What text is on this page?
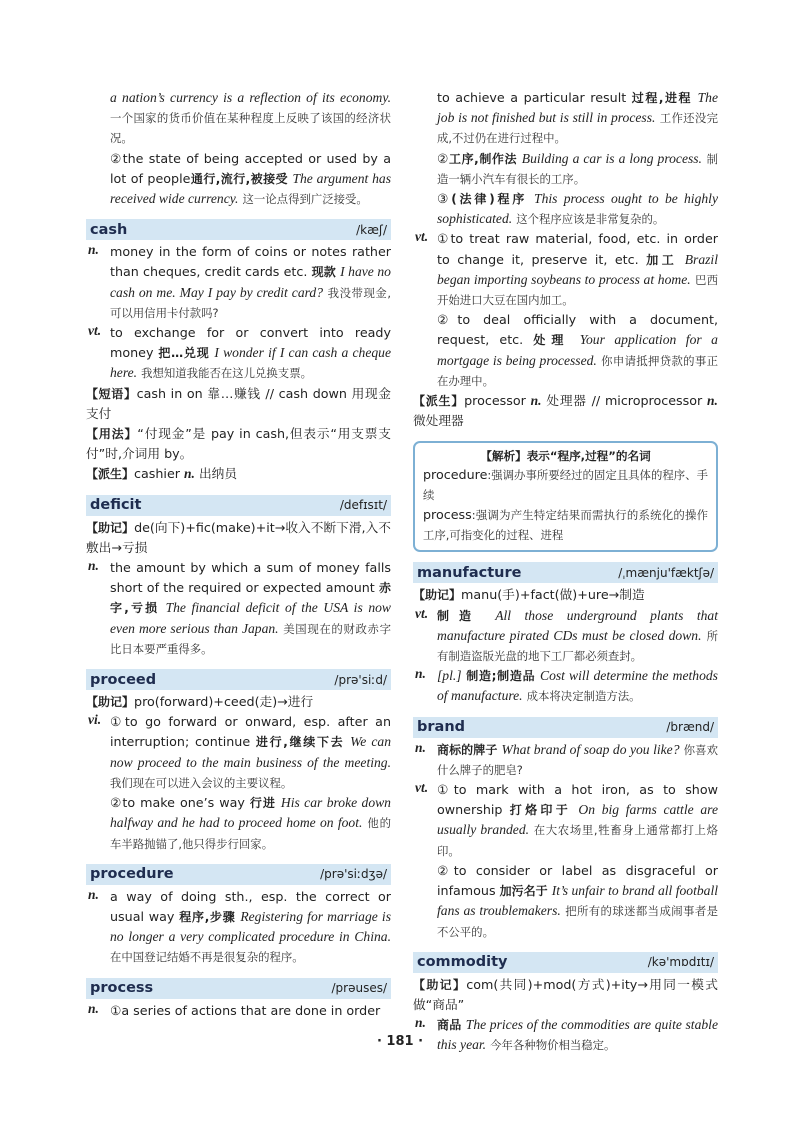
a nation’s currency is a reflection of its economy. 一个国家的货币价值在某种程度上反映了该国的经济状况。

②the state of being accepted or used by a lot of people通行,流行,被接受 The argument has received wide currency. 这一论点得到广泛接受。

cash	/kæʃ/
n. money in the form of coins or notes rather than cheques, credit cards etc. 现款 I have no cash on me. May I pay by credit card? 我没带现金,可以用信用卡付款吗?

vt. to exchange for or convert into ready money 把…兑现 I wonder if I can cash a cheque here. 我想知道我能否在这儿兑换支票。

【短语】cash in on 靠…赚钱 // cash down 用现金支付

【用法】“付现金”是 pay in cash,但表示“用支票支付”时,介词用 by。

【派生】cashier n. 出纳员

deficit	/defɪsɪt/

【助记】de(向下)+fic(make)+it→收入不断下滑,入不敷出→亏损

n. the amount by which a sum of money falls short of the required or expected amount 赤字,亏损 The financial deficit of the USA is now even more serious than Japan. 美国现在的财政赤字比日本要严重得多。

proceed	/prə'siːd/

【助记】pro(forward)+ceed(走)→进行

vi. ①to go forward or onward, esp. after an interruption; continue 进行,继续下去 We can now proceed to the main business of the meeting. 我们现在可以进入会议的主要议程。

②to make one’s way 行进 His car broke down halfway and he had to proceed home on foot. 他的车半路抛锚了,他只得步行回家。

procedure	/prə'siːdʒə/
n. a way of doing sth., esp. the correct or usual way 程序,步骤 Registering for marriage is no longer a very complicated procedure in China. 在中国登记结婚不再是很复杂的程序。

process	/prəuses/
n. ①a series of actions that are done in order

to achieve a particular result 过程,进程 The job is not finished but is still in process. 工作还没完成,不过仍在进行过程中。

②工序,制作法 Building a car is a long process. 制造一辆小汽车有很长的工序。

③(法律)程序 This process ought to be highly sophisticated. 这个程序应该是非常复杂的。

vt. ①to treat raw material, food, etc. in order to change it, preserve it, etc. 加工 Brazil began importing soybeans to process at home. 巴西开始进口大豆在国内加工。

②to deal officially with a document, request, etc. 处理 Your application for a mortgage is being processed. 你申请抵押贷款的事正在办理中。

【派生】processor n. 处理器 // microprocessor n. 微处理器

【解析】表示“程序,过程”的名词

procedure:强调办事所要经过的固定且具体的程序、手续

process:强调为产生特定结果而需执行的系统化的操作工序,可指变化的过程、进程

manufacture	/ˌmænju'fæktʃə/

【助记】manu(手)+fact(做)+ure→制造

vt. 制造 All those underground plants that manufacture pirated CDs must be closed down. 所有制造盗版光盘的地下工厂都必须查封。

n. [pl.] 制造;制造品 Cost will determine the methods of manufacture. 成本将决定制造方法。

brand	/brænd/
n. 商标的牌子 What brand of soap do you like? 你喜欢什么牌子的肥皂?

vt. ①to mark with a hot iron, as to show ownership 打烙印于 On big farms cattle are usually branded. 在大农场里,牲畜身上通常都打上烙印。

②to consider or label as disgraceful or infamous 加污名于 It’s unfair to brand all football fans as troublemakers. 把所有的球迷都当成闹事者是不公平的。

commodity	/kə'mɒdɪtɪ/

【助记】com(共同)+mod(方式)+ity→用同一模式做“商品”

n. 商品 The prices of the commodities are quite stable this year. 今年各种物价相当稳定。

· 181 ·
